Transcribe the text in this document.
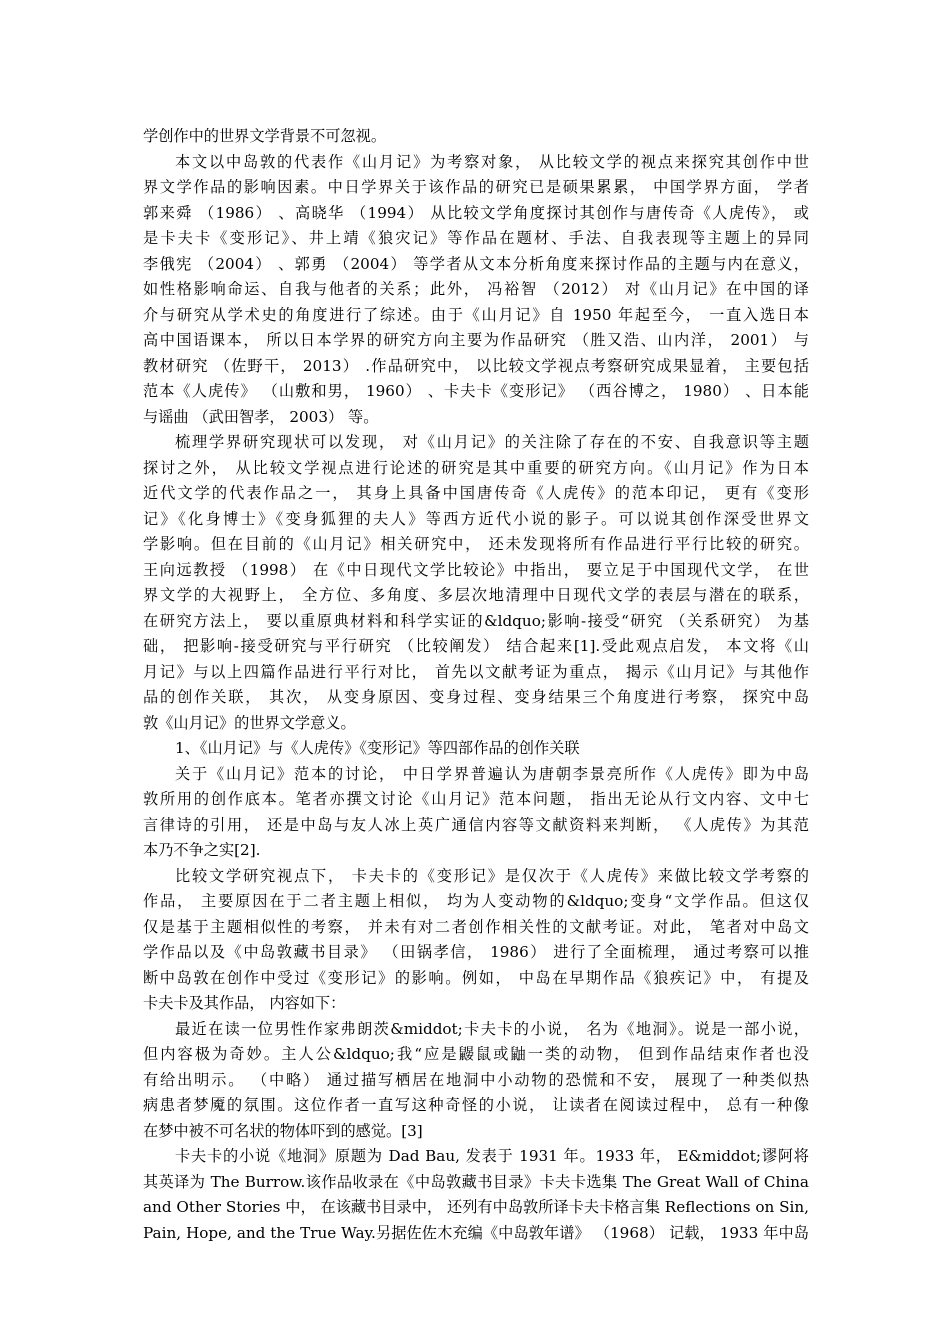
学创作中的世界文学背景不可忽视。

本文以中岛敦的代表作《山月记》为考察对象， 从比较文学的视点来探究其创作中世
界文学作品的影响因素。中日学界关于该作品的研究已是硕果累累， 中国学界方面， 学者
郭来舜 （1986） 、高晓华 （1994） 从比较文学角度探讨其创作与唐传奇《人虎传》， 或
是卡夫卡《变形记》、井上靖《狼灾记》等作品在题材、手法、自我表现等主题上的异同
李俄宪 （2004） 、郭勇 （2004） 等学者从文本分析角度来探讨作品的主题与内在意义，
如性格影响命运、自我与他者的关系；此外， 冯裕智 （2012） 对《山月记》在中国的译
介与研究从学术史的角度进行了综述。由于《山月记》自 1950 年起至今， 一直入选日本
高中国语课本， 所以日本学界的研究方向主要为作品研究 （胜又浩、山内洋， 2001） 与
教材研究 （佐野干， 2013） .作品研究中， 以比较文学视点考察研究成果显着， 主要包括
范本《人虎传》 （山敷和男， 1960） 、卡夫卡《变形记》 （西谷博之， 1980） 、日本能
与谣曲 （武田智孝， 2003） 等。

梳理学界研究现状可以发现， 对《山月记》的关注除了存在的不安、自我意识等主题
探讨之外， 从比较文学视点进行论述的研究是其中重要的研究方向。《山月记》作为日本
近代文学的代表作品之一， 其身上具备中国唐传奇《人虎传》的范本印记， 更有《变形
记》《化身博士》《变身狐狸的夫人》等西方近代小说的影子。可以说其创作深受世界文
学影响。但在目前的《山月记》相关研究中， 还未发现将所有作品进行平行比较的研究。
王向远教授 （1998） 在《中日现代文学比较论》中指出， 要立足于中国现代文学， 在世
界文学的大视野上， 全方位、多角度、多层次地清理中日现代文学的表层与潜在的联系，
在研究方法上， 要以重原典材料和科学实证的&ldquo;影响-接受“研究 （关系研究） 为基
础， 把影响-接受研究与平行研究 （比较阐发） 结合起来[1].受此观点启发， 本文将《山
月记》与以上四篇作品进行平行对比， 首先以文献考证为重点， 揭示《山月记》与其他作
品的创作关联， 其次， 从变身原因、变身过程、变身结果三个角度进行考察， 探究中岛
敦《山月记》的世界文学意义。

1、《山月记》与《人虎传》《变形记》等四部作品的创作关联

关于《山月记》范本的讨论， 中日学界普遍认为唐朝李景亮所作《人虎传》即为中岛
敦所用的创作底本。笔者亦撰文讨论《山月记》范本问题， 指出无论从行文内容、文中七
言律诗的引用， 还是中岛与友人冰上英广通信内容等文献资料来判断， 《人虎传》为其范
本乃不争之实[2].

比较文学研究视点下， 卡夫卡的《变形记》是仅次于《人虎传》来做比较文学考察的
作品， 主要原因在于二者主题上相似， 均为人变动物的&ldquo;变身“文学作品。但这仅
仅是基于主题相似性的考察， 并未有对二者创作相关性的文献考证。对此， 笔者对中岛文
学作品以及《中岛敦藏书目录》 （田锅孝信， 1986） 进行了全面梳理， 通过考察可以推
断中岛敦在创作中受过《变形记》的影响。例如， 中岛在早期作品《狼疾记》中， 有提及
卡夫卡及其作品， 内容如下：

最近在读一位男性作家弗朗茨&middot;卡夫卡的小说， 名为《地洞》。说是一部小说，
但内容极为奇妙。主人公&ldquo;我“应是鼹鼠或鼬一类的动物， 但到作品结束作者也没
有给出明示。 （中略） 通过描写栖居在地洞中小动物的恐慌和不安， 展现了一种类似热
病患者梦魇的氛围。这位作者一直写这种奇怪的小说， 让读者在阅读过程中， 总有一种像
在梦中被不可名状的物体吓到的感觉。[3]

卡夫卡的小说《地洞》原题为 Dad Bau, 发表于 1931 年。1933 年， E&middot;谬阿将
其英译为 The Burrow.该作品收录在《中岛敦藏书目录》卡夫卡选集 The Great Wall of China
and Other Stories 中， 在该藏书目录中， 还列有中岛敦所译卡夫卡格言集 Reflections on Sin,
Pain, Hope, and the True Way.另据佐佐木充编《中岛敦年谱》 （1968） 记载， 1933 年中岛
